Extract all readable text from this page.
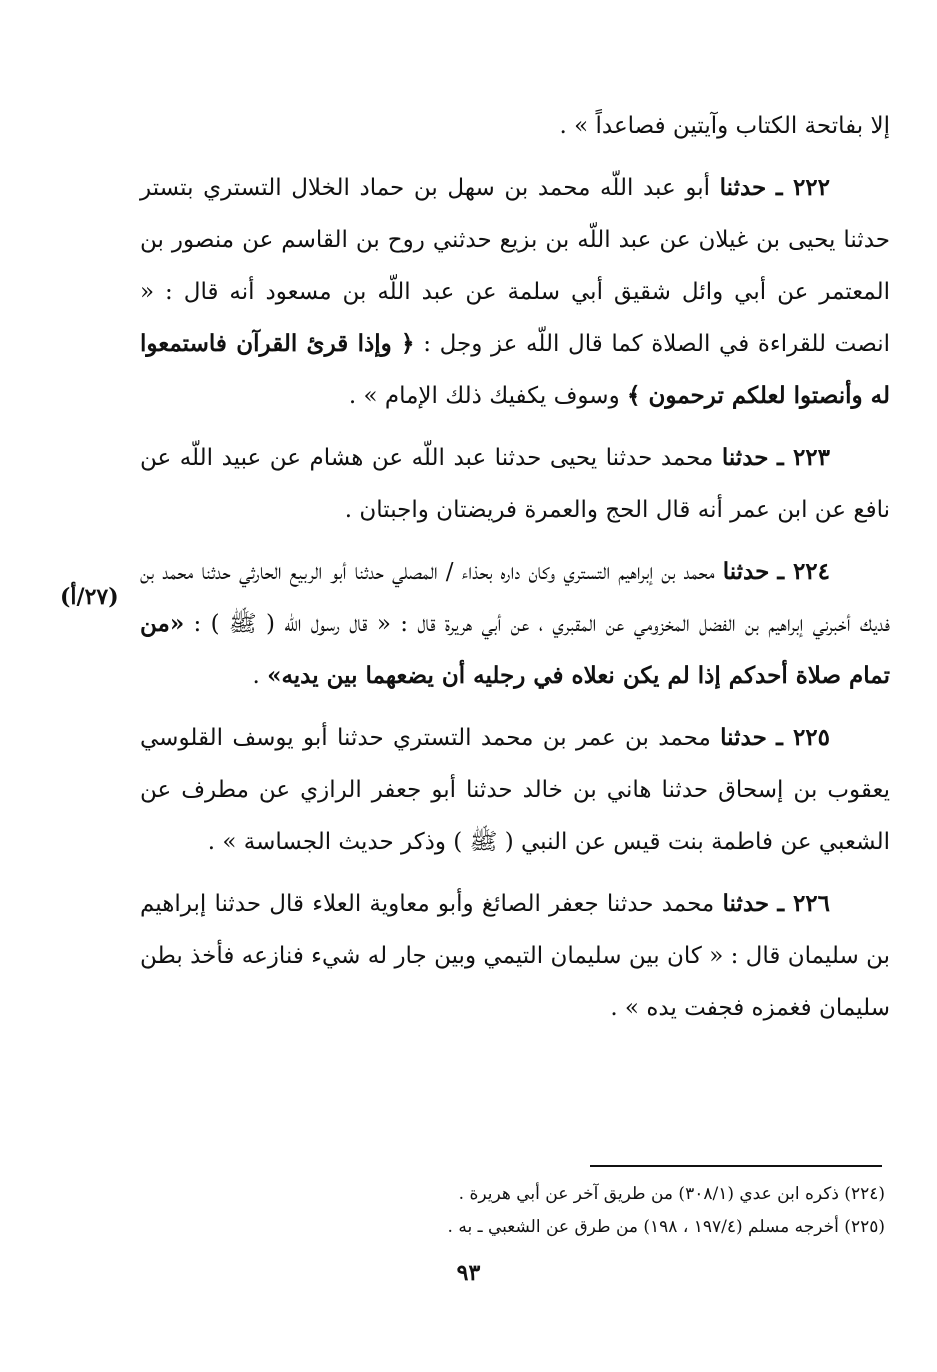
إلا بفاتحة الكتاب وآيتين فصاعداً » .

٢٢٢ ـ حدثنا أبو عبد اللّه محمد بن سهل بن حماد الخلال التستري بتستر حدثنا يحيى بن غيلان عن عبد اللّه بن بزيع حدثني روح بن القاسم عن منصور بن المعتمر عن أبي وائل شقيق أبي سلمة عن عبد اللّه بن مسعود أنه قال : « انصت للقراءة في الصلاة كما قال اللّه عز وجل : ﴿ وإذا قرئ القرآن فاستمعوا له وأنصتوا لعلكم ترحمون ﴾ وسوف يكفيك ذلك الإمام » .

٢٢٣ ـ حدثنا محمد حدثنا يحيى حدثنا عبد اللّه عن هشام عن عبيد اللّه عن نافع عن ابن عمر أنه قال الحج والعمرة فريضتان واجبتان .

٢٢٤ ـ حدثنا محمد بن إبراهيم التستري وكان داره بحذاء / المصلي حدثنا أبو الربيع الحارثي حدثنا محمد بن فديك أخبرني إبراهيم بن الفضل المخزومي عن المقبري ، عن أبي هريرة قال : « قال رسول اللّه ( ﷺ ) : «من تمام صلاة أحدكم إذا لم يكن نعلاه في رجليه أن يضعهما بين يديه» .

٢٢٥ ـ حدثنا محمد بن عمر بن محمد التستري حدثنا أبو يوسف القلوسي يعقوب بن إسحاق حدثنا هاني بن خالد حدثنا أبو جعفر الرازي عن مطرف عن الشعبي عن فاطمة بنت قيس عن النبي ( ﷺ ) وذكر حديث الجساسة » .

٢٢٦ ـ حدثنا محمد حدثنا جعفر الصائغ وأبو معاوية العلاء قال حدثنا إبراهيم بن سليمان قال : « كان بين سليمان التيمي وبين جار له شيء فنازعه فأخذ بطن سليمان فغمزه فجفت يده » .

(٢٧/أ)

(٢٢٤) ذكره ابن عدي (٣٠٨/١) من طريق آخر عن أبي هريرة .

(٢٢٥) أخرجه مسلم (١٩٧/٤ ، ١٩٨) من طرق عن الشعبي ـ به .

٩٣
